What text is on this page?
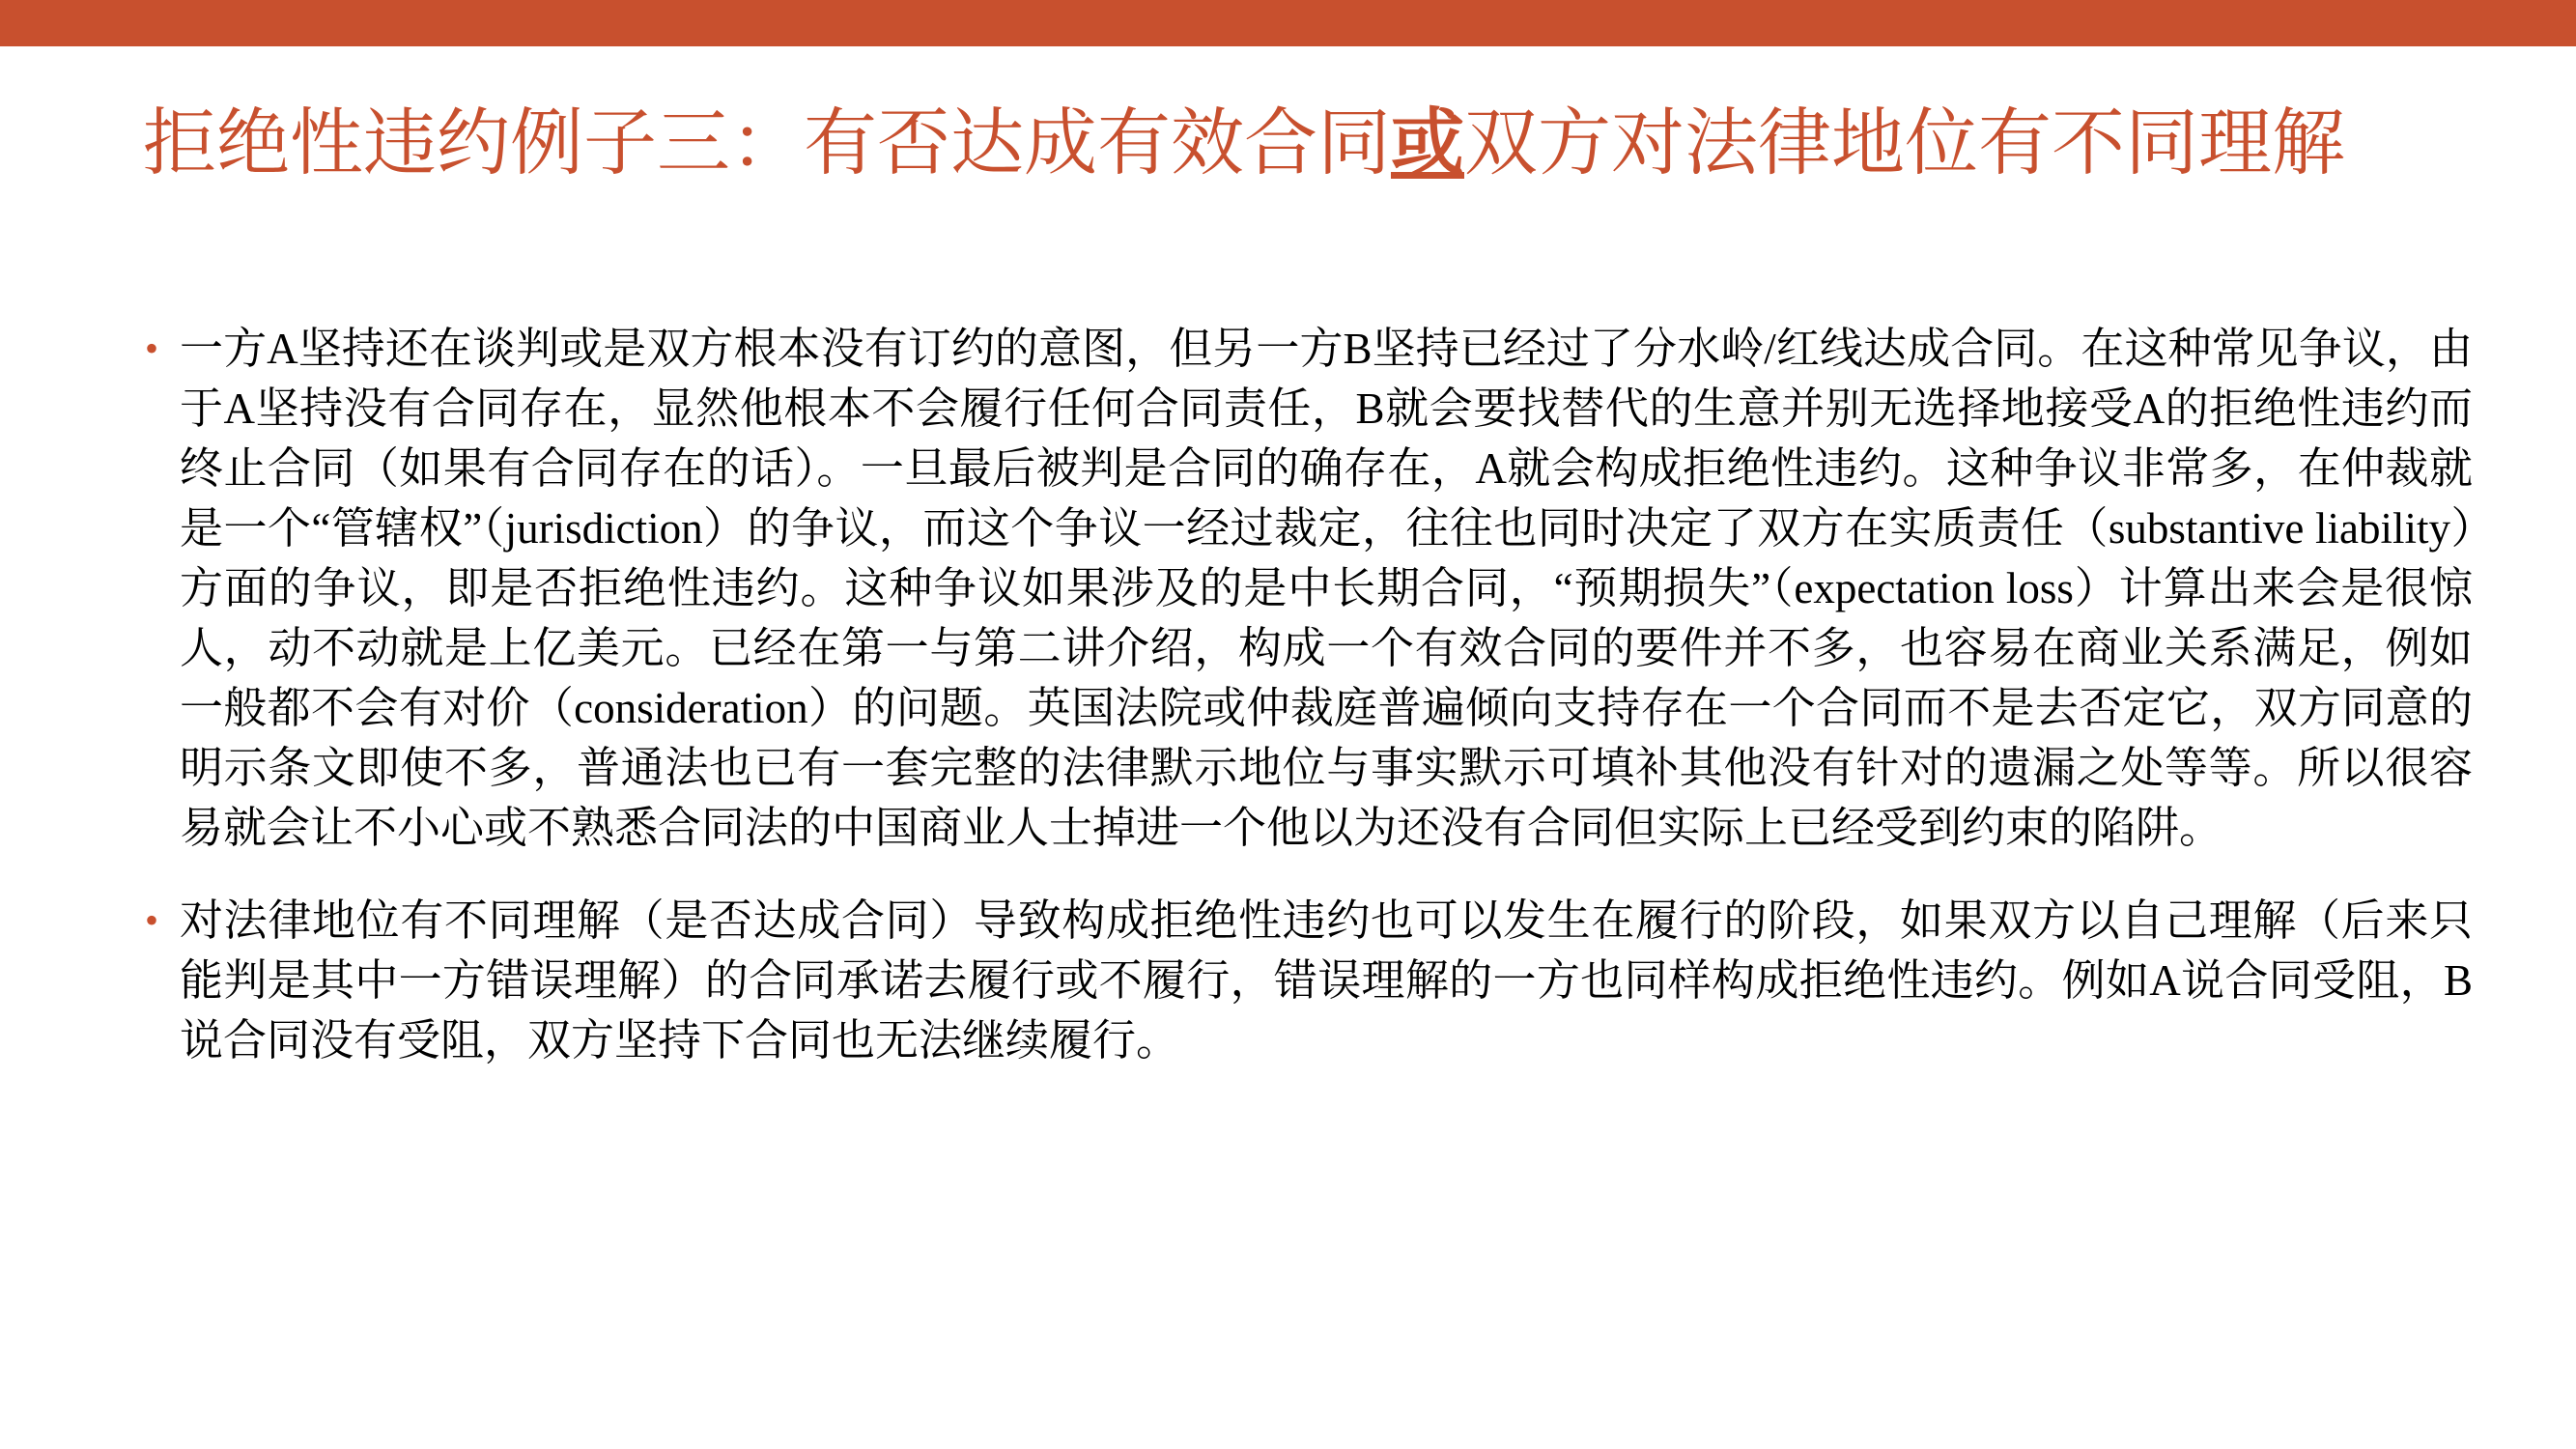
拒绝性违约例子三：有否达成有效合同或双方对法律地位有不同理解
• 一方A坚持还在谈判或是双方根本没有订约的意图，但另一方B坚持已经过了分水岭/红线达成合同。在这种常见争议，由于A坚持没有合同存在，显然他根本不会履行任何合同责任，B就会要找替代的生意并别无选择地接受A的拒绝性违约而终止合同（如果有合同存在的话）。一旦最后被判是合同的确存在，A就会构成拒绝性违约。这种争议非常多，在仲裁就是一个“管辖权”（jurisdiction）的争议，而这个争议一经过裁定，往往也同时决定了双方在实质责任（substantive liability）方面的争议，即是否拒绝性违约。这种争议如果涉及的是中长期合同，“预期损失”（expectation loss）计算出来会是很惊人，动不动就是上亿美元。已经在第一与第二讲介绍，构成一个有效合同的要件并不多，也容易在商业关系满足，例如一般都不会有对价（consideration）的问题。英国法院或仲裁庭普遍倾向支持存在一个合同而不是去否定它，双方同意的明示条文即使不多，普通法也已有一套完整的法律默示地位与事实默示可填补其他没有针对的遗漏之处等等。所以很容易就会让不小心或不熟悉合同法的中国商业人士掉进一个他以为还没有合同但实际上已经受到约束的陷阱。
• 对法律地位有不同理解（是否达成合同）导致构成拒绝性违约也可以发生在履行的阶段，如果双方以自己理解（后来只能判是其中一方错误理解）的合同承诺去履行或不履行，错误理解的一方也同样构成拒绝性违约。例如A说合同受阻，B说合同没有受阻，双方坚持下合同也无法继续履行。
